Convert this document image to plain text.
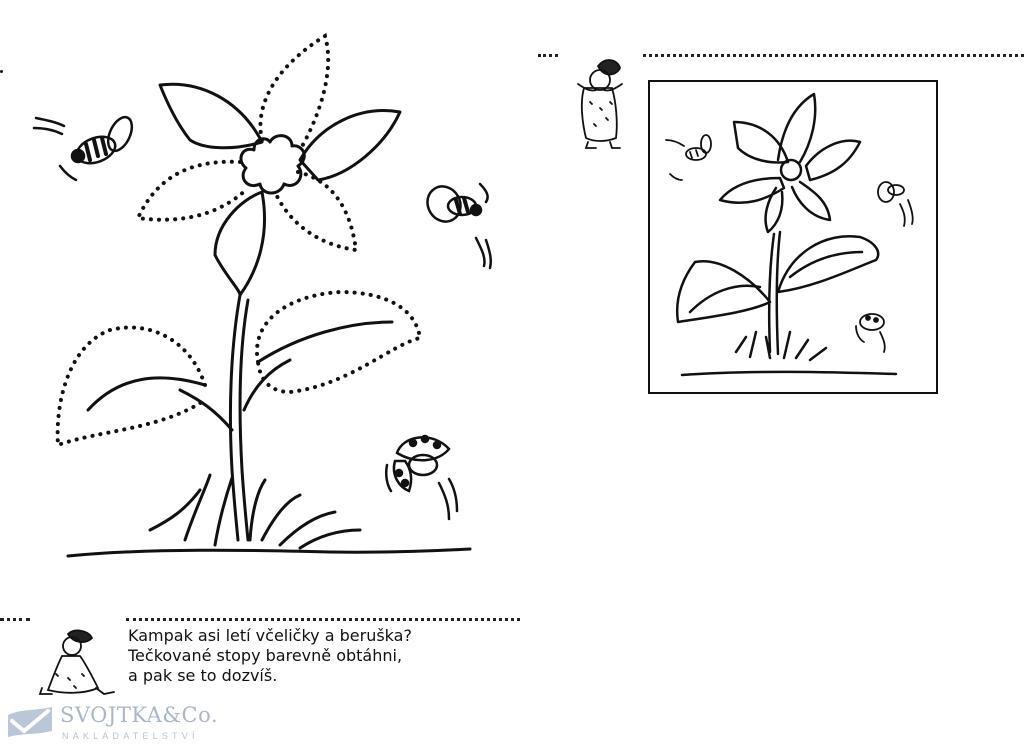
Kampak asi letí včeličky a beruška?
Tečkované stopy barevně obtáhni,
a pak se to dozvíš.
SVOJTKA&Co.
NAKLADATELSTVÍ
